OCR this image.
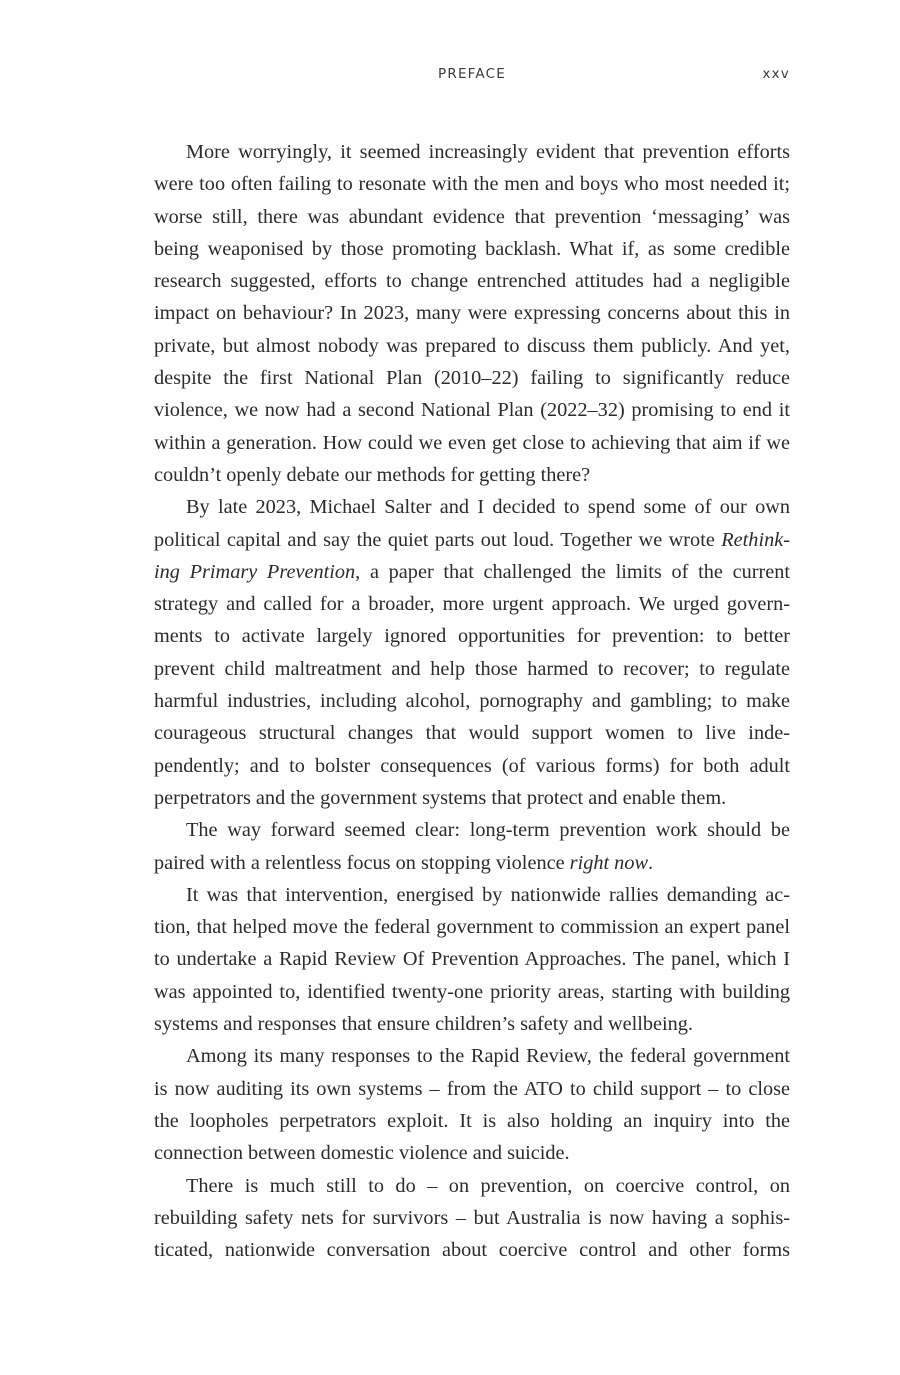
PREFACE	xxv

More worryingly, it seemed increasingly evident that prevention efforts were too often failing to resonate with the men and boys who most needed it; worse still, there was abundant evidence that prevention ‘messaging’ was being weaponised by those promoting backlash. What if, as some credible research suggested, efforts to change entrenched attitudes had a negligible impact on behaviour? In 2023, many were expressing concerns about this in private, but almost nobody was prepared to discuss them publicly. And yet, despite the first National Plan (2010–22) failing to significantly reduce violence, we now had a second National Plan (2022–32) promising to end it within a generation. How could we even get close to achieving that aim if we couldn’t openly debate our methods for getting there?

By late 2023, Michael Salter and I decided to spend some of our own political capital and say the quiet parts out loud. Together we wrote Rethinking Primary Prevention, a paper that challenged the limits of the current strategy and called for a broader, more urgent approach. We urged governments to activate largely ignored opportunities for prevention: to better prevent child maltreatment and help those harmed to recover; to regulate harmful industries, including alcohol, pornography and gambling; to make courageous structural changes that would support women to live independently; and to bolster consequences (of various forms) for both adult perpetrators and the government systems that protect and enable them.

The way forward seemed clear: long-term prevention work should be paired with a relentless focus on stopping violence right now.

It was that intervention, energised by nationwide rallies demanding action, that helped move the federal government to commission an expert panel to undertake a Rapid Review Of Prevention Approaches. The panel, which I was appointed to, identified twenty-one priority areas, starting with building systems and responses that ensure children’s safety and wellbeing.

Among its many responses to the Rapid Review, the federal government is now auditing its own systems – from the ATO to child support – to close the loopholes perpetrators exploit. It is also holding an inquiry into the connection between domestic violence and suicide.

There is much still to do – on prevention, on coercive control, on rebuilding safety nets for survivors – but Australia is now having a sophisticated, nationwide conversation about coercive control and other forms
